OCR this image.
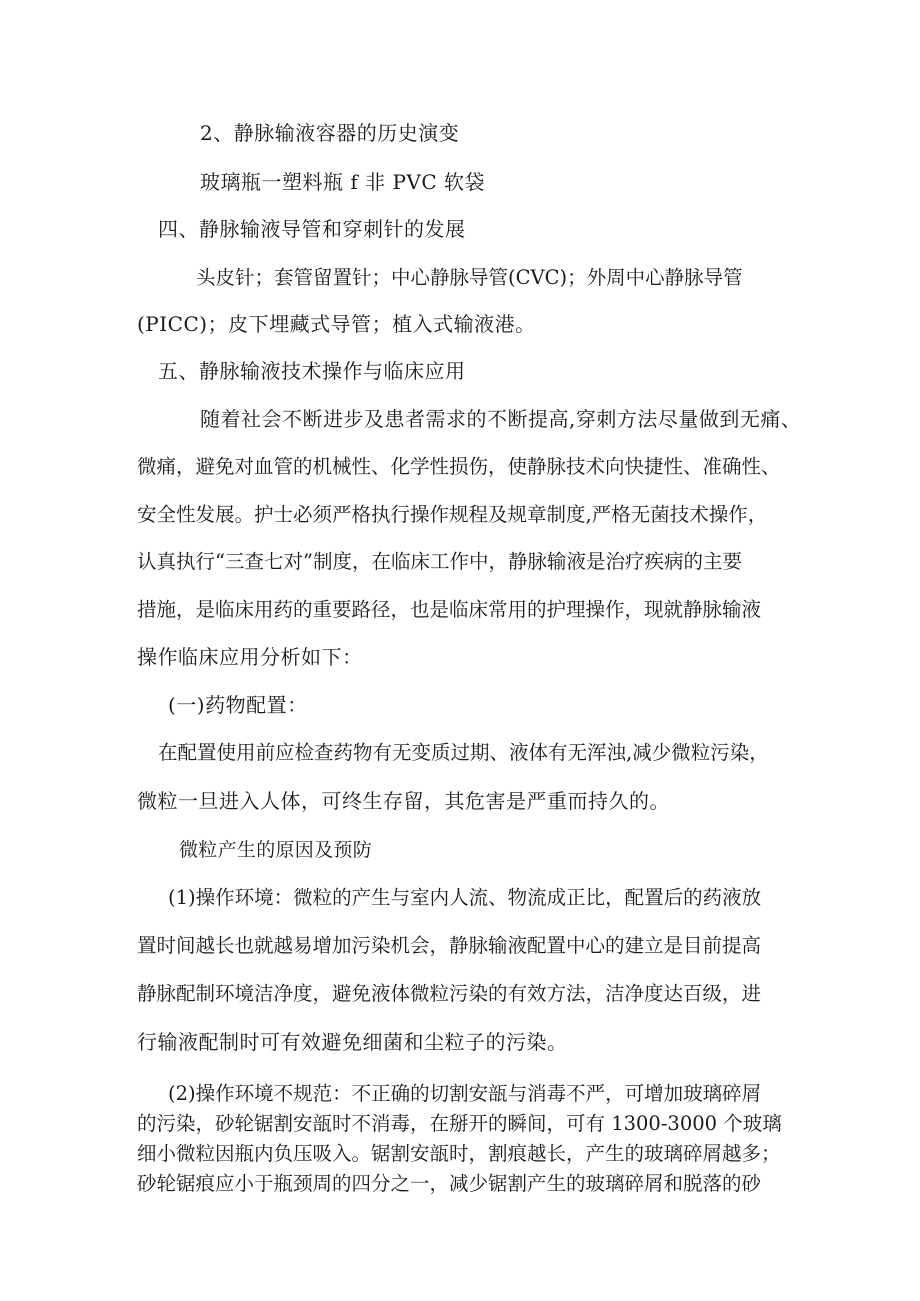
2、静脉输液容器的历史演变
玻璃瓶一塑料瓶 f 非 PVC 软袋
四、静脉输液导管和穿刺针的发展
头皮针；套管留置针；中心静脉导管(CVC)；外周中心静脉导管
(PICC)；皮下埋藏式导管；植入式输液港。
五、静脉输液技术操作与临床应用
随着社会不断进步及患者需求的不断提高,穿刺方法尽量做到无痛、
微痛，避免对血管的机械性、化学性损伤，使静脉技术向快捷性、准确性、
安全性发展。护士必须严格执行操作规程及规章制度,严格无菌技术操作，
认真执行“三查七对”制度，在临床工作中，静脉输液是治疗疾病的主要
措施，是临床用药的重要路径，也是临床常用的护理操作，现就静脉输液
操作临床应用分析如下：
(一)药物配置：
在配置使用前应检查药物有无变质过期、液体有无浑浊,减少微粒污染，
微粒一旦进入人体，可终生存留，其危害是严重而持久的。
微粒产生的原因及预防
(1)操作环境：微粒的产生与室内人流、物流成正比，配置后的药液放
置时间越长也就越易增加污染机会，静脉输液配置中心的建立是目前提高
静脉配制环境洁净度，避免液体微粒污染的有效方法，洁净度达百级，进
行输液配制时可有效避免细菌和尘粒子的污染。
(2)操作环境不规范：不正确的切割安瓿与消毒不严，可增加玻璃碎屑
的污染，砂轮锯割安瓿时不消毒，在掰开的瞬间，可有 1300-3000 个玻璃
细小微粒因瓶内负压吸入。锯割安瓿时，割痕越长，产生的玻璃碎屑越多；
砂轮锯痕应小于瓶颈周的四分之一，减少锯割产生的玻璃碎屑和脱落的砂
